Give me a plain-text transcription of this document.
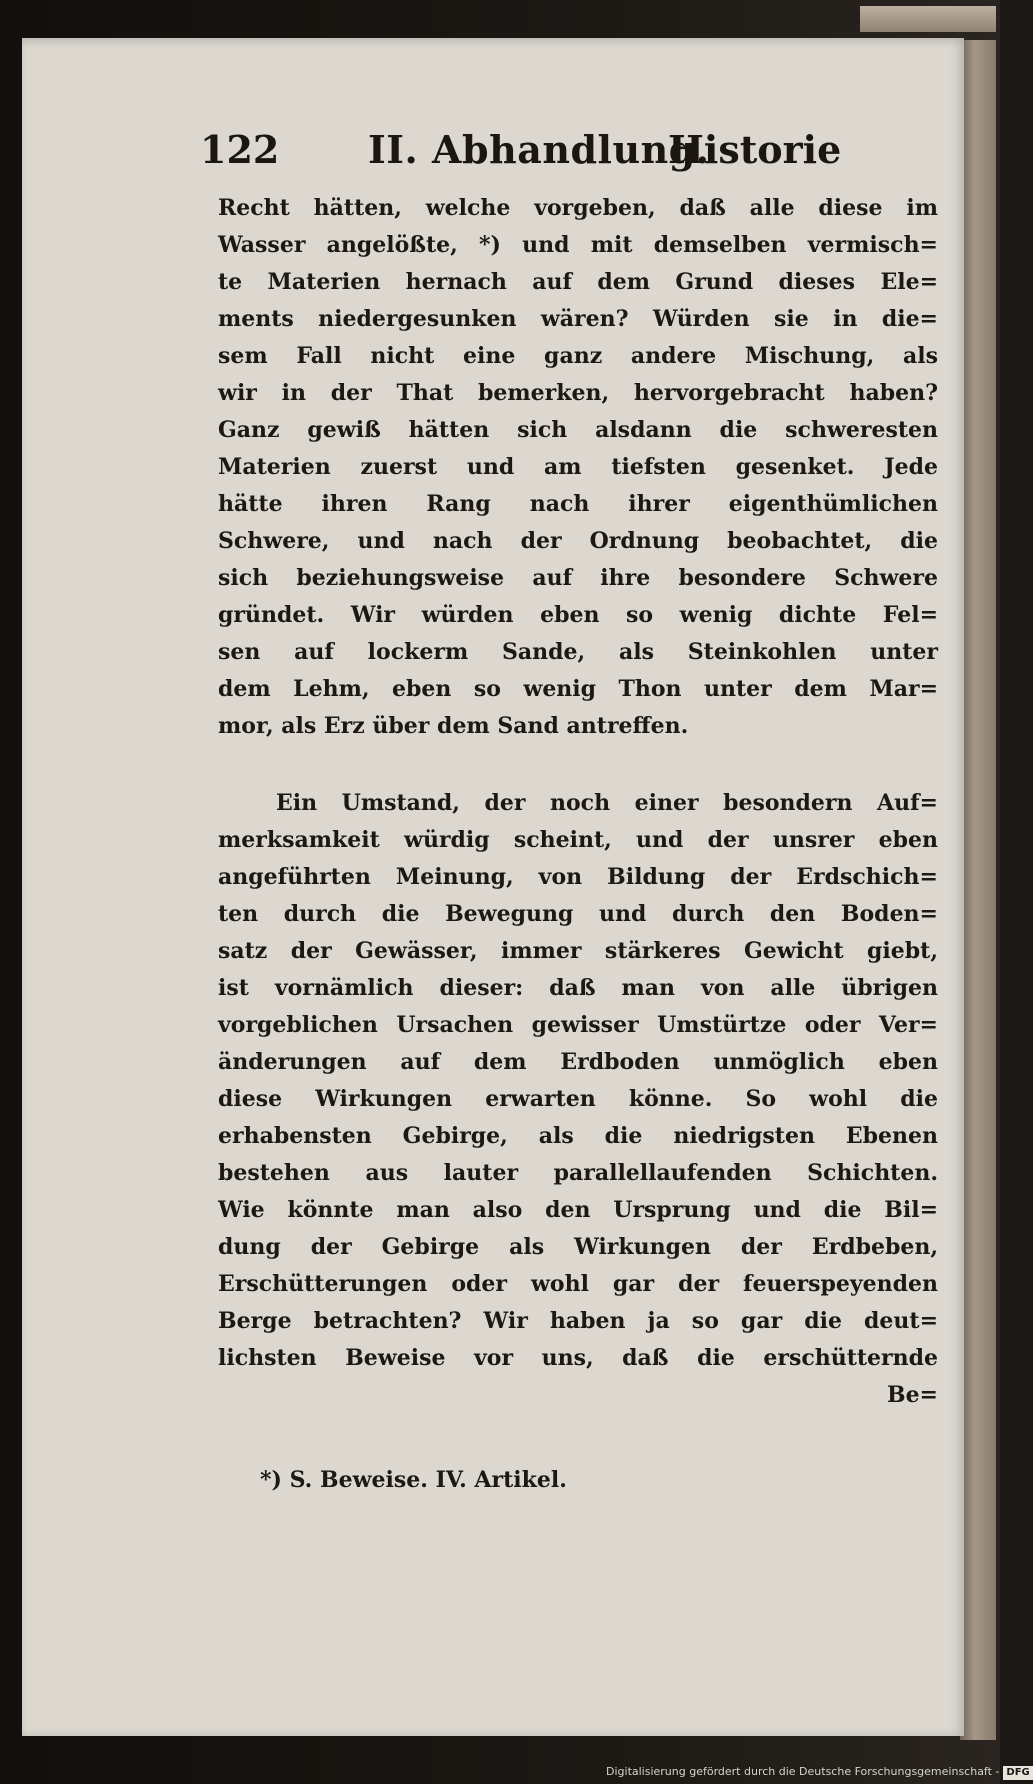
122 II. Abhandlung.
Historie
Recht hätten, welche vorgeben, daß alle diese im
Wasser angelößte, *) und mit demselben vermisch=
te Materien hernach auf dem Grund dieses Ele=
ments niedergesunken wären? Würden sie in die=
sem Fall nicht eine ganz andere Mischung, als
wir in der That bemerken, hervorgebracht haben?
Ganz gewiß hätten sich alsdann die schweresten
Materien zuerst und am tiefsten gesenket. Jede
hätte ihren Rang nach ihrer eigenthümlichen
Schwere, und nach der Ordnung beobachtet, die
sich beziehungsweise auf ihre besondere Schwere
gründet. Wir würden eben so wenig dichte Fel=
sen auf lockerm Sande, als Steinkohlen unter
dem Lehm, eben so wenig Thon unter dem Mar=
mor, als Erz über dem Sand antreffen.
Ein Umstand, der noch einer besondern Auf=
merksamkeit würdig scheint, und der unsrer eben
angeführten Meinung, von Bildung der Erdschich=
ten durch die Bewegung und durch den Boden=
satz der Gewässer, immer stärkeres Gewicht giebt,
ist vornämlich dieser: daß man von alle übrigen
vorgeblichen Ursachen gewisser Umstürtze oder Ver=
änderungen auf dem Erdboden unmöglich eben
diese Wirkungen erwarten könne. So wohl die
erhabensten Gebirge, als die niedrigsten Ebenen
bestehen aus lauter parallellaufenden Schichten.
Wie könnte man also den Ursprung und die Bil=
dung der Gebirge als Wirkungen der Erdbeben,
Erschütterungen oder wohl gar der feuerspeyenden
Berge betrachten? Wir haben ja so gar die deut=
lichsten Beweise vor uns, daß die erschütternde
Be=
*) S. Beweise. IV. Artikel.
Digitalisierung gefördert durch die Deutsche Forschungsgemeinschaft - DFG
